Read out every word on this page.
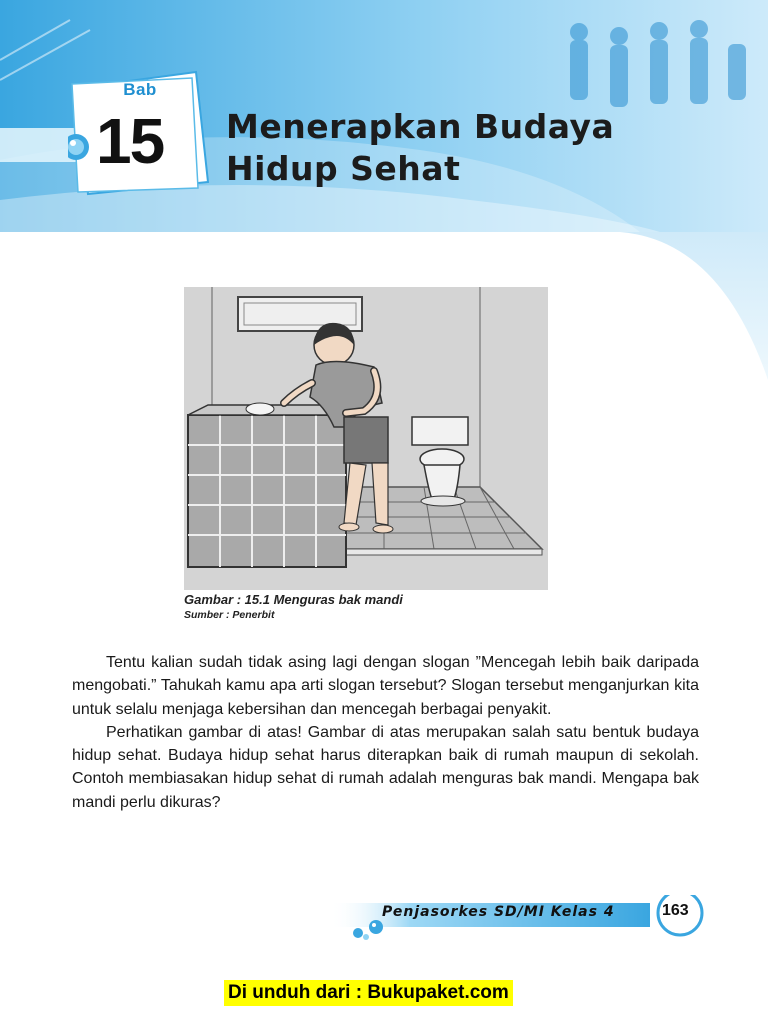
Bab
15 Menerapkan Budaya
Hidup Sehat
Gambar : 15.1 Menguras bak mandi
Sumber : Penerbit

Tentu kalian sudah tidak asing lagi dengan slogan ”Mencegah lebih baik daripada mengobati.” Tahukah kamu apa arti slogan tersebut? Slogan tersebut menganjurkan kita untuk selalu menjaga kebersihan dan mencegah berbagai penyakit.

Perhatikan gambar di atas! Gambar di atas merupakan salah satu bentuk budaya hidup sehat. Budaya hidup sehat harus diterapkan baik di rumah maupun di sekolah. Contoh membiasakan hidup sehat di rumah adalah menguras bak mandi. Mengapa bak mandi perlu dikuras?

Penjasorkes SD/MI Kelas 4	163
Di unduh dari : Bukupaket.com
